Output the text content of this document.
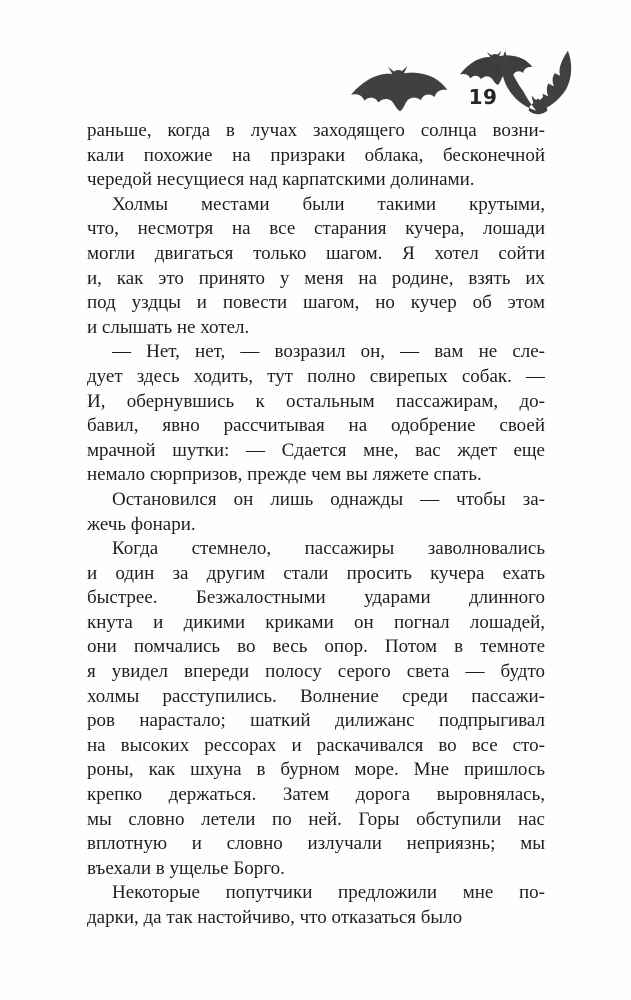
19
раньше, когда в лучах заходящего солнца возни-
кали похожие на призраки облака, бесконечной
чередой несущиеся над карпатскими долинами.
Холмы местами были такими крутыми,
что, несмотря на все старания кучера, лошади
могли двигаться только шагом. Я хотел сойти
и, как это принято у меня на родине, взять их
под уздцы и повести шагом, но кучер об этом
и слышать не хотел.
— Нет, нет, — возразил он, — вам не сле-
дует здесь ходить, тут полно свирепых собак. —
И, обернувшись к остальным пассажирам, до-
бавил, явно рассчитывая на одобрение своей
мрачной шутки: — Сдается мне, вас ждет еще
немало сюрпризов, прежде чем вы ляжете спать.
Остановился он лишь однажды — чтобы за-
жечь фонари.
Когда стемнело, пассажиры заволновались
и один за другим стали просить кучера ехать
быстрее. Безжалостными ударами длинного
кнута и дикими криками он погнал лошадей,
они помчались во весь опор. Потом в темноте
я увидел впереди полосу серого света — будто
холмы расступились. Волнение среди пассажи-
ров нарастало; шаткий дилижанс подпрыгивал
на высоких рессорах и раскачивался во все сто-
роны, как шхуна в бурном море. Мне пришлось
крепко держаться. Затем дорога выровнялась,
мы словно летели по ней. Горы обступили нас
вплотную и словно излучали неприязнь; мы
въехали в ущелье Борго.
Некоторые попутчики предложили мне по-
дарки, да так настойчиво, что отказаться было
